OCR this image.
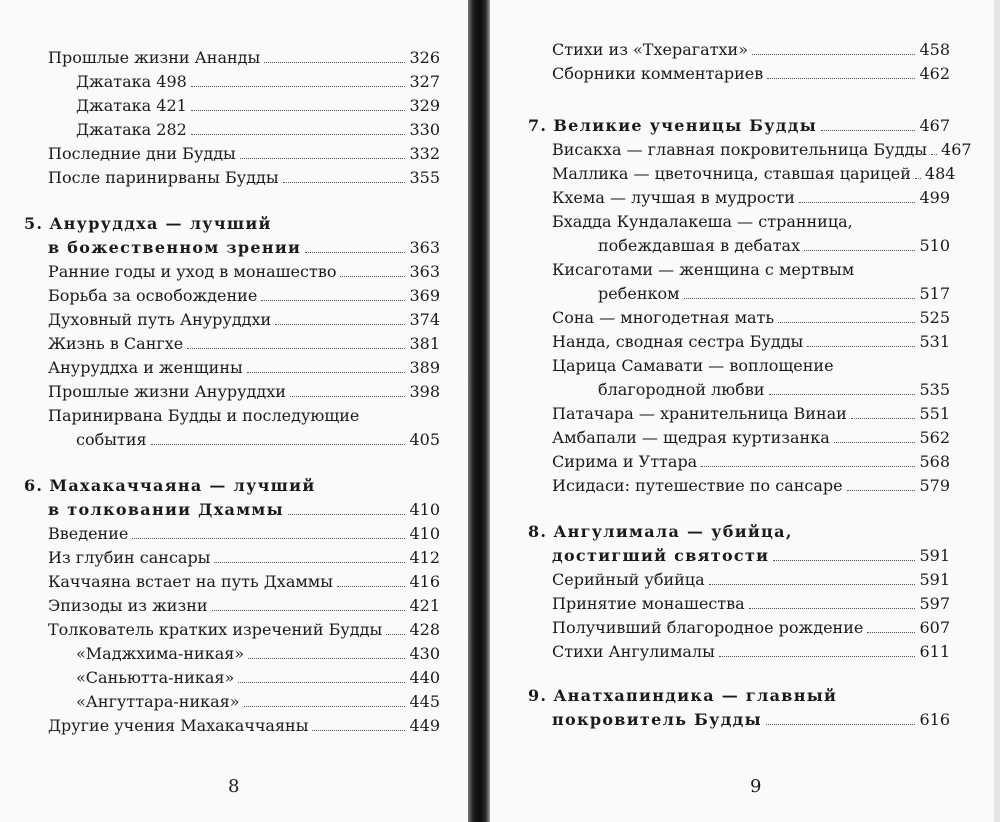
Прошлые жизни Ананды	326
Джатака 498	327
Джатака 421	329
Джатака 282	330
Последние дни Будды	332
После паринирваны Будды	355
5. Ануруддха — лучший
в божественном зрении	363
Ранние годы и уход в монашество	363
Борьба за освобождение	369
Духовный путь Ануруддхи	374
Жизнь в Сангхе	381
Ануруддха и женщины	389
Прошлые жизни Ануруддхи	398
Паринирвана Будды и последующие
события	405
6. Махакаччаяна — лучший
в толковании Дхаммы	410
Введение	410
Из глубин сансары	412
Каччаяна встает на путь Дхаммы	416
Эпизоды из жизни	421
Толкователь кратких изречений Будды 428
«Маджхима-никая»	430
«Саньютта-никая»	440
«Ангуттара-никая»	445
Другие учения Махакаччаяны	449
8
Стихи из «Тхерагатхи»	458
Сборники комментариев	462
7. Великие ученицы Будды	467
Висакха — главная покровительница Будды 467
Маллика — цветочница, ставшая царицей 484
Кхема — лучшая в мудрости	499
Бхадда Кундалакеша — странница,
побеждавшая в дебатах	510
Кисаготами — женщина с мертвым
ребенком	517
Сона — многодетная мать	525
Нанда, сводная сестра Будды	531
Царица Самавати — воплощение
благородной любви	535
Патачара — хранительница Винаи	551
Амбапали — щедрая куртизанка	562
Сирима и Уттара	568
Исидаси: путешествие по сансаре	579
8. Ангулимала — убийца,
достигший святости	591
Серийный убийца	591
Принятие монашества	597
Получивший благородное рождение	607
Стихи Ангулималы	611
9. Анатхапиндика — главный
покровитель Будды	616
9
